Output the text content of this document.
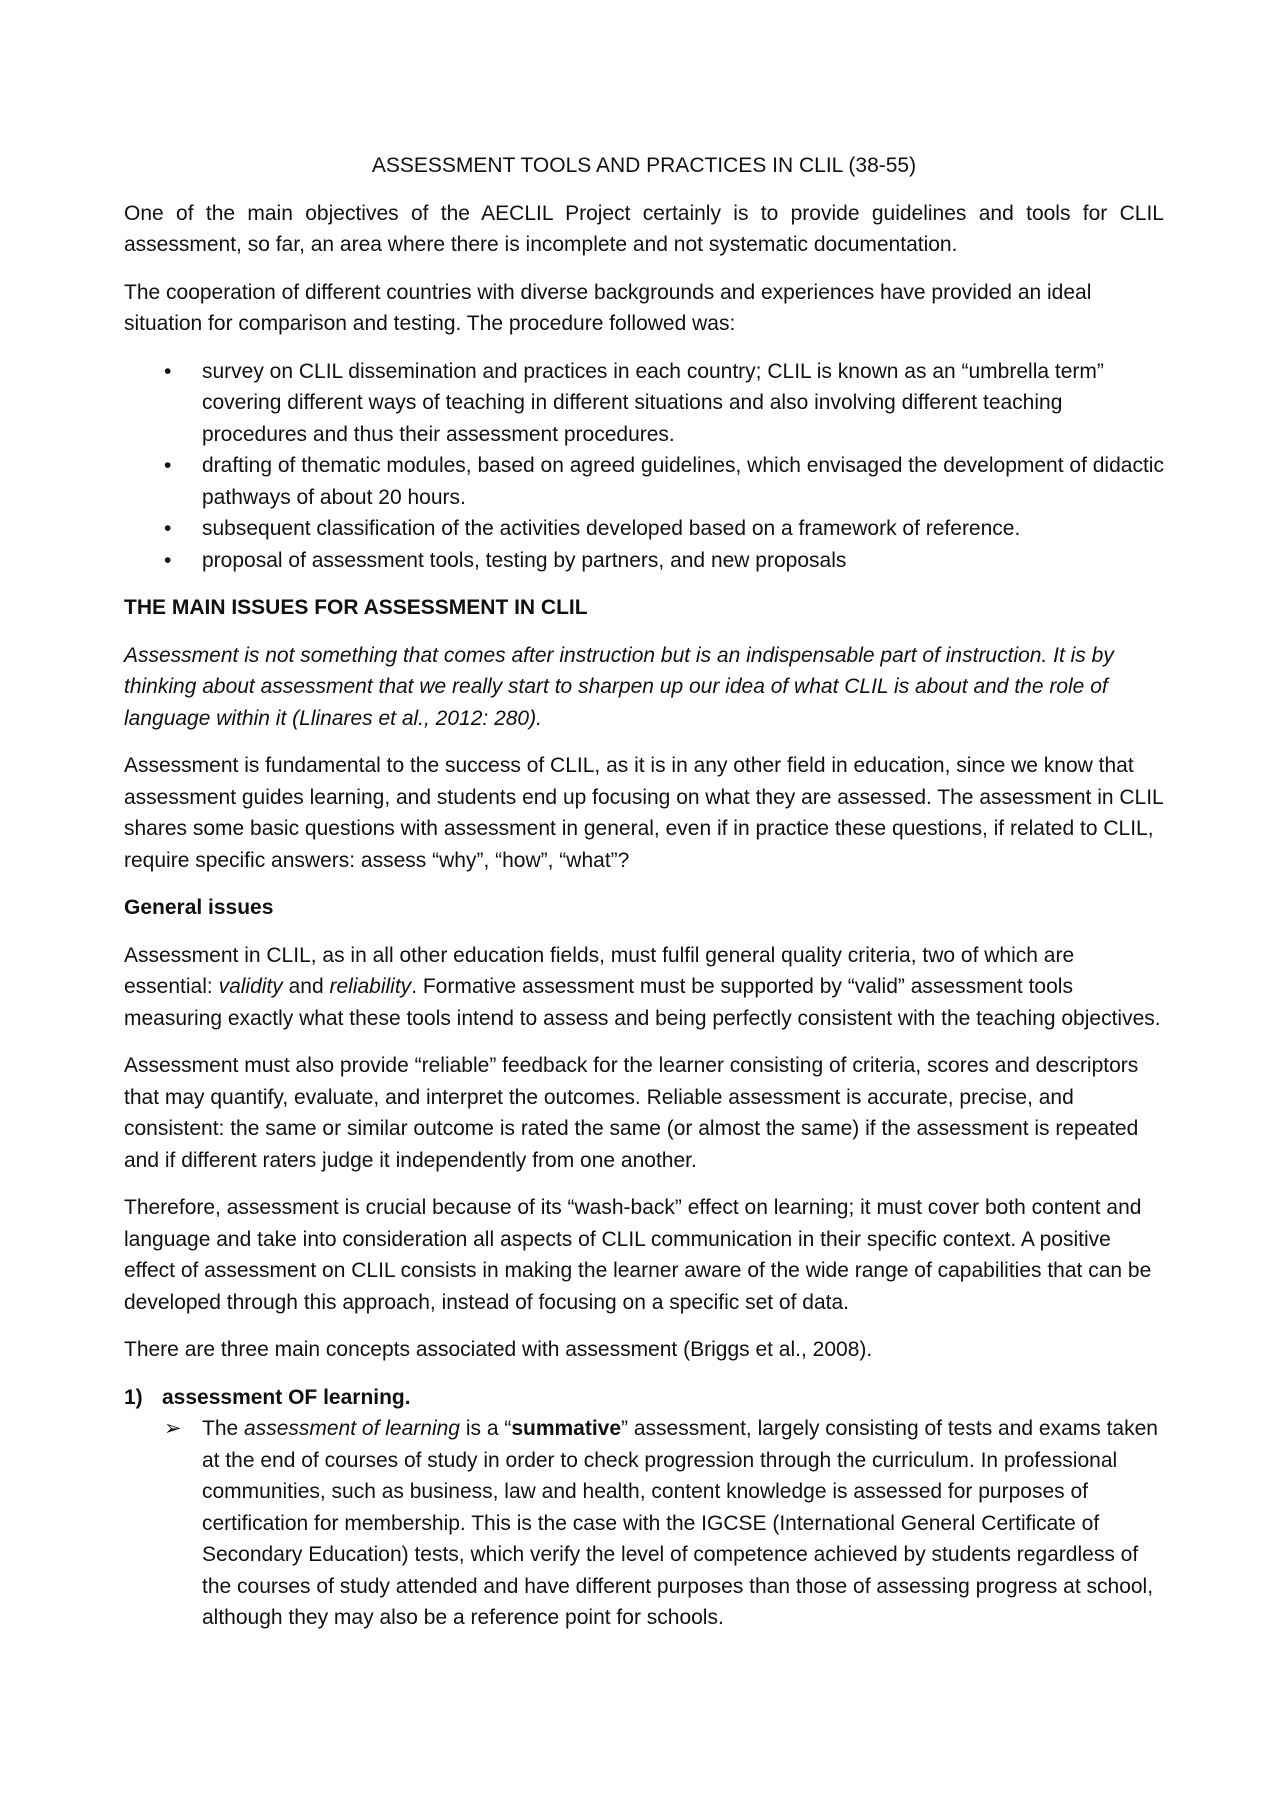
ASSESSMENT TOOLS AND PRACTICES IN CLIL (38-55)

One of the main objectives of the AECLIL Project certainly is to provide guidelines and tools for CLIL assessment, so far, an area where there is incomplete and not systematic documentation.

The cooperation of different countries with diverse backgrounds and experiences have provided an ideal situation for comparison and testing. The procedure followed was:

• survey on CLIL dissemination and practices in each country; CLIL is known as an “umbrella term” covering different ways of teaching in different situations and also involving different teaching procedures and thus their assessment procedures.
• drafting of thematic modules, based on agreed guidelines, which envisaged the development of didactic pathways of about 20 hours.
• subsequent classification of the activities developed based on a framework of reference.
• proposal of assessment tools, testing by partners, and new proposals
THE MAIN ISSUES FOR ASSESSMENT IN CLIL

Assessment is not something that comes after instruction but is an indispensable part of instruction. It is by thinking about assessment that we really start to sharpen up our idea of what CLIL is about and the role of language within it (Llinares et al., 2012: 280).

Assessment is fundamental to the success of CLIL, as it is in any other field in education, since we know that assessment guides learning, and students end up focusing on what they are assessed. The assessment in CLIL shares some basic questions with assessment in general, even if in practice these questions, if related to CLIL, require specific answers: assess “why”, “how”, “what”?

General issues

Assessment in CLIL, as in all other education fields, must fulfil general quality criteria, two of which are essential: validity and reliability. Formative assessment must be supported by “valid” assessment tools measuring exactly what these tools intend to assess and being perfectly consistent with the teaching objectives.

Assessment must also provide “reliable” feedback for the learner consisting of criteria, scores and descriptors that may quantify, evaluate, and interpret the outcomes. Reliable assessment is accurate, precise, and consistent: the same or similar outcome is rated the same (or almost the same) if the assessment is repeated and if different raters judge it independently from one another.

Therefore, assessment is crucial because of its “wash-back” effect on learning; it must cover both content and language and take into consideration all aspects of CLIL communication in their specific context. A positive effect of assessment on CLIL consists in making the learner aware of the wide range of capabilities that can be developed through this approach, instead of focusing on a specific set of data.

There are three main concepts associated with assessment (Briggs et al., 2008).

1) assessment OF learning.
➢ The assessment of learning is a “summative” assessment, largely consisting of tests and exams taken at the end of courses of study in order to check progression through the curriculum. In professional communities, such as business, law and health, content knowledge is assessed for purposes of certification for membership. This is the case with the IGCSE (International General Certificate of Secondary Education) tests, which verify the level of competence achieved by students regardless of the courses of study attended and have different purposes than those of assessing progress at school, although they may also be a reference point for schools.
